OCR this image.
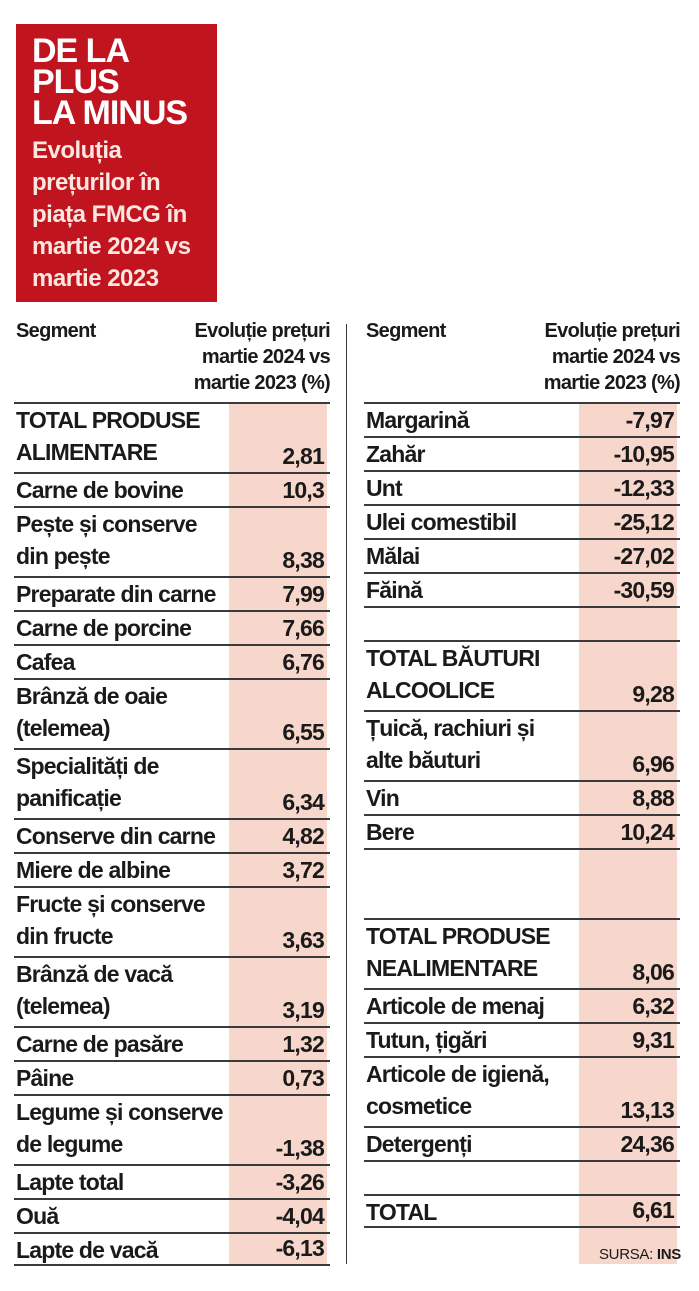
DE LA PLUS
LA MINUS
Evoluția
prețurilor în
piața FMCG în
martie 2024 vs
martie 2023
Segment	Evoluție prețuri
martie 2024 vs
martie 2023 (%)
TOTAL PRODUSE
ALIMENTARE	2,81
Carne de bovine	10,3
Pește și conserve
din pește	8,38
Preparate din carne	7,99
Carne de porcine	7,66
Cafea	6,76
Brânză de oaie
(telemea)	6,55
Specialități de
panificație	6,34
Conserve din carne	4,82
Miere de albine	3,72
Fructe și conserve
din fructe	3,63
Brânză de vacă
(telemea)	3,19
Carne de pasăre	1,32
Pâine	0,73
Legume și conserve
de legume	-1,38
Lapte total	-3,26
Ouă	-4,04
Lapte de vacă	-6,13
Segment	Evoluție prețuri
martie 2024 vs
martie 2023 (%)
Margarină	-7,97
Zahăr	-10,95
Unt	-12,33
Ulei comestibil	-25,12
Mălai	-27,02
Făină	-30,59
TOTAL BĂUTURI
ALCOOLICE	9,28
Țuică, rachiuri și
alte băuturi	6,96
Vin	8,88
Bere	10,24
TOTAL PRODUSE
NEALIMENTARE	8,06
Articole de menaj	6,32
Tutun, țigări	9,31
Articole de igienă,
cosmetice	13,13
Detergenți	24,36
TOTAL	6,61
SURSA: INS
